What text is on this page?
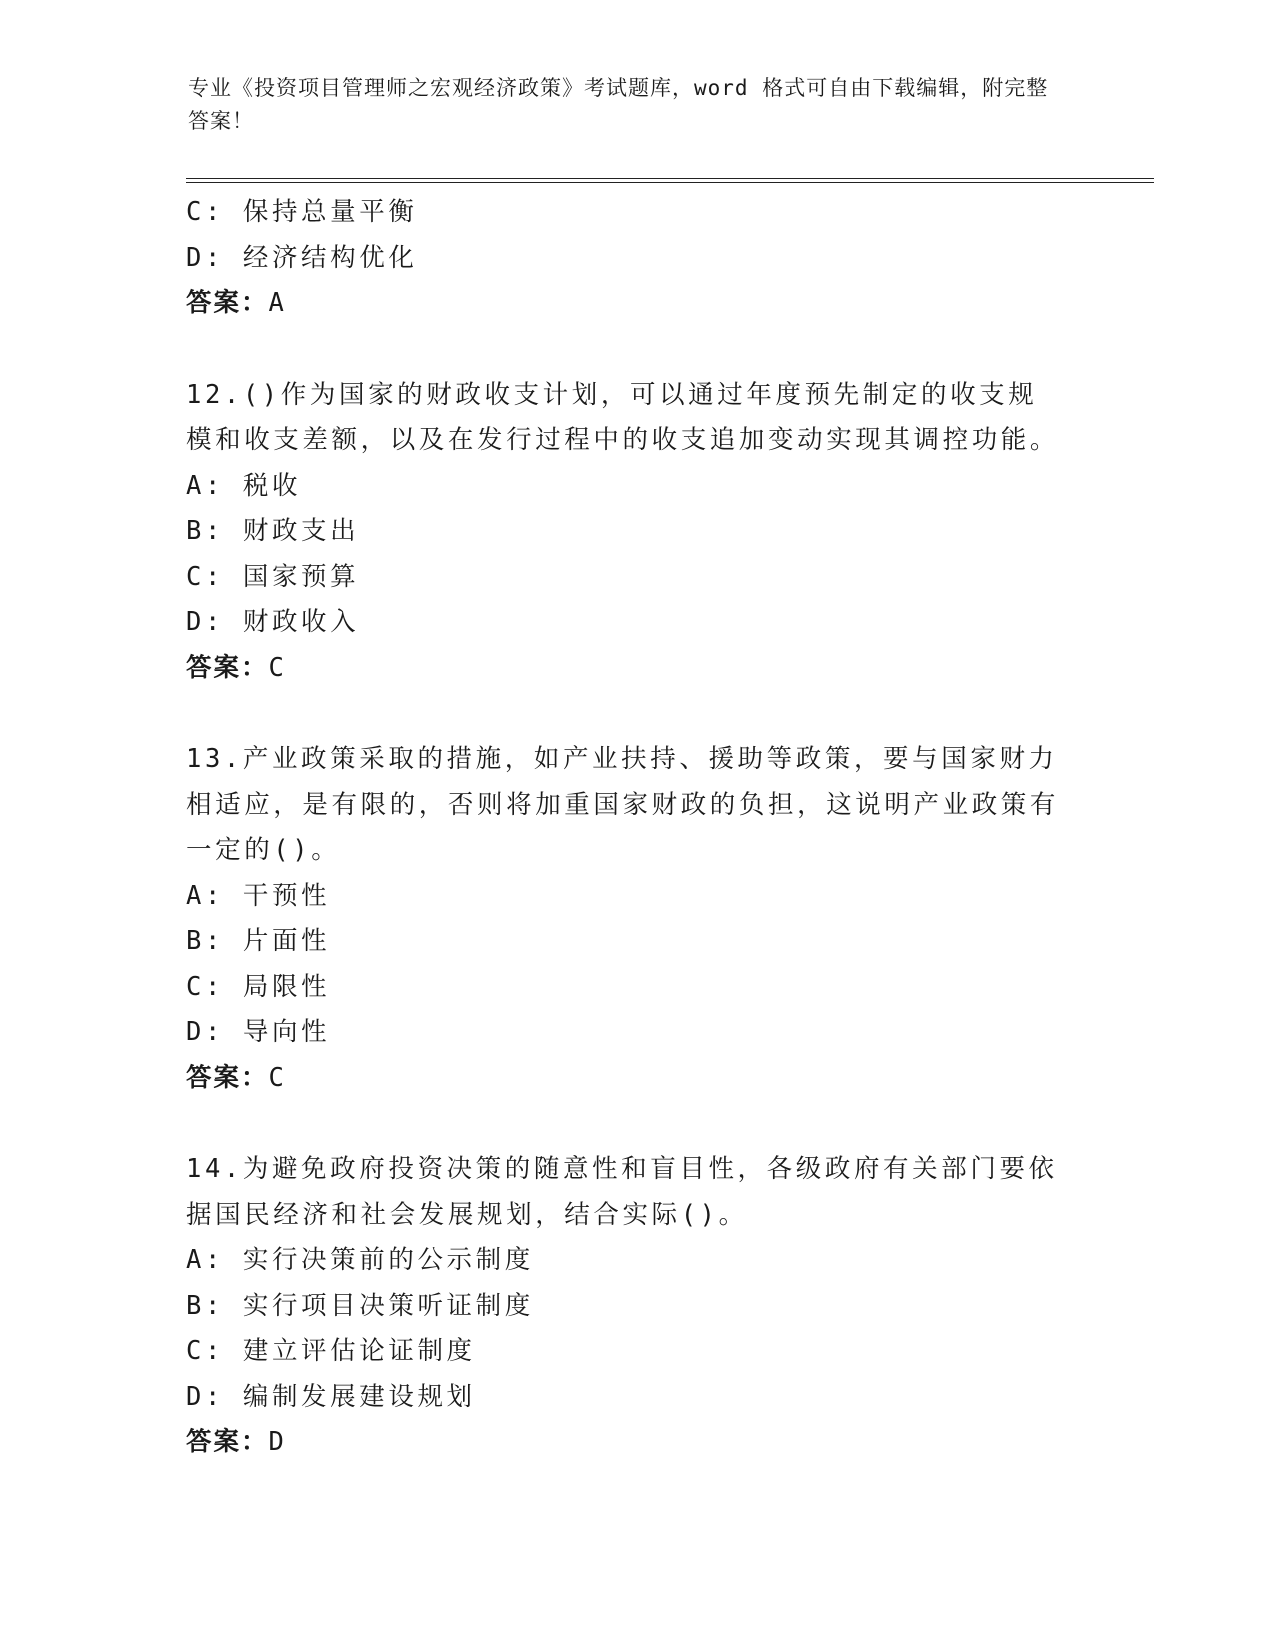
专业《投资项目管理师之宏观经济政策》考试题库，word 格式可自由下载编辑，附完整答案！
C: 保持总量平衡
D: 经济结构优化
答案：A
12.()作为国家的财政收支计划，可以通过年度预先制定的收支规模和收支差额，以及在发行过程中的收支追加变动实现其调控功能。
A: 税收
B: 财政支出
C: 国家预算
D: 财政收入
答案：C
13.产业政策采取的措施，如产业扶持、援助等政策，要与国家财力相适应，是有限的，否则将加重国家财政的负担，这说明产业政策有一定的()。
A: 干预性
B: 片面性
C: 局限性
D: 导向性
答案：C
14.为避免政府投资决策的随意性和盲目性，各级政府有关部门要依据国民经济和社会发展规划，结合实际()。
A: 实行决策前的公示制度
B: 实行项目决策听证制度
C: 建立评估论证制度
D: 编制发展建设规划
答案：D
